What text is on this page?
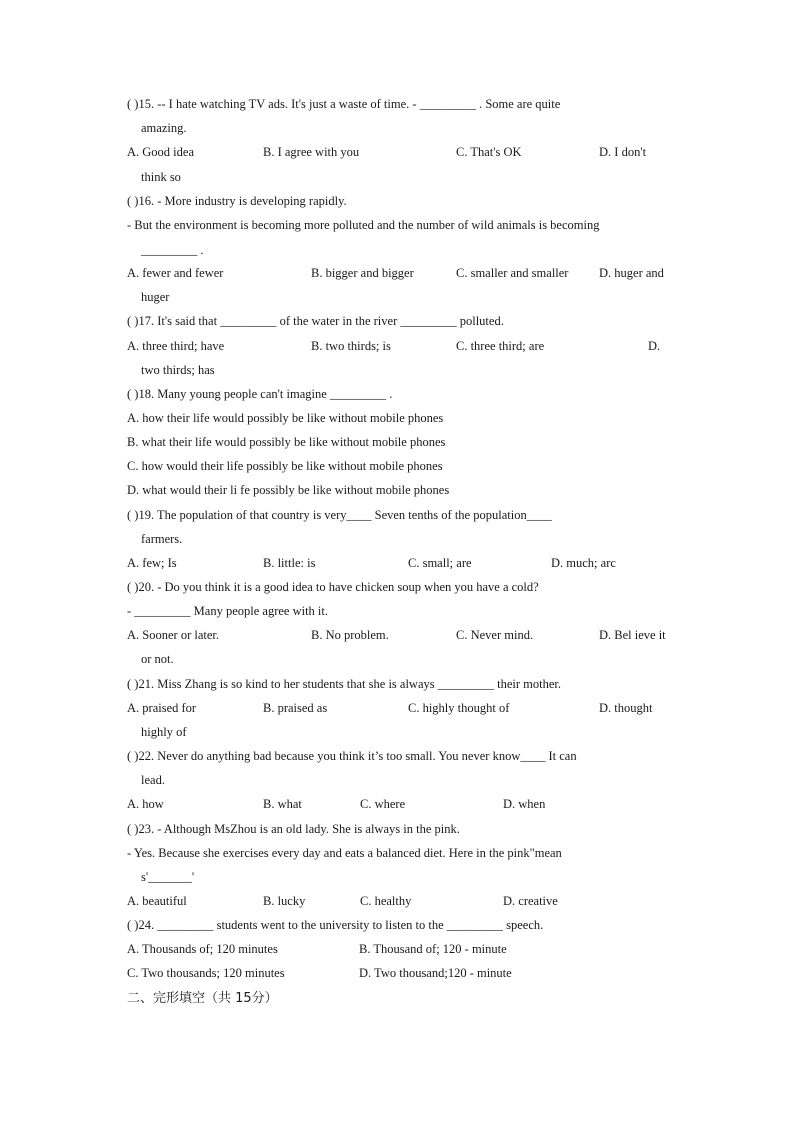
( )15. -- I hate watching TV ads. It's just a waste of time. - _________ . Some are quite
amazing.
A. Good idea	B. I agree with you	C. That's OK	D. I don't
think so
( )16. - More industry is developing rapidly.
- But the environment is becoming more polluted and the number of wild animals is becoming
_________ .
A. fewer and fewer	B. bigger and bigger	C. smaller and smaller D. huger and
huger
( )17. It's said that _________ of the water in the river _________ polluted.
A. three third; have	B. two thirds; is	C. three third; are	D.
two thirds; has
( )18. Many young people can't imagine _________ .
A. how their life would possibly be like without mobile phones
B. what their life would possibly be like without mobile phones
C. how would their life possibly be like without mobile phones
D. what would their li fe possibly be like without mobile phones
( )19. The population of that country is very____ Seven tenths of the population____
farmers.
A. few; Is	B. little: is	C. small; are	D. much; arc
( )20. - Do you think it is a good idea to have chicken soup when you have a cold?
- _________ Many people agree with it.
A. Sooner or later.	B. No problem.	C. Never mind.	D. Bel ieve it
or not.
( )21. Miss Zhang is so kind to her students that she is always _________ their mother.
A. praised for	B. praised as	C. highly thought of	D. thought
highly of
( )22. Never do anything bad because you think it’s too small. You never know____ It can
lead.
A. how	B. what	C. where	D. when
( )23. - Although MsZhou is an old lady. She is always in the pink.
- Yes. Because she exercises every day and eats a balanced diet. Here in the pink"mean
s'_______'
A. beautiful	B. lucky	C. healthy	D. creative
( )24. _________ students went to the university to listen to the _________ speech.
A. Thousands of; 120 minutes	B. Thousand of; 120 - minute
C. Two thousands; 120 minutes	D. Two thousand;120 - minute
二、完形填空（共 15分）
